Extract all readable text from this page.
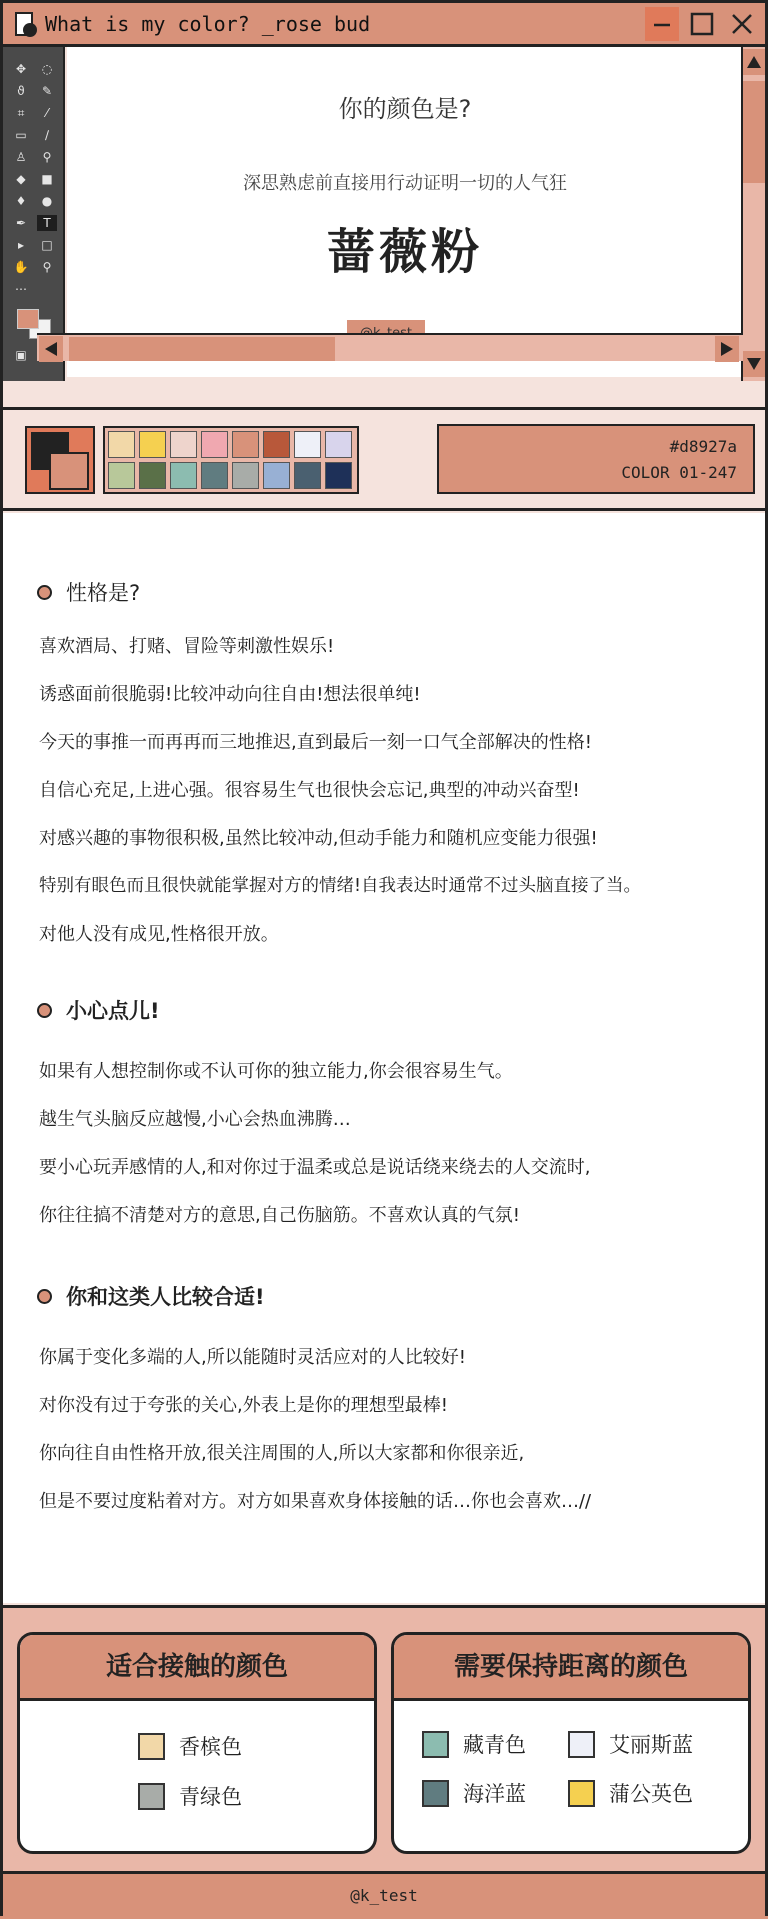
What is my color? _rose bud
✥	◌
ϑ	✎
⌗	⁄
▭	∕
♙	⚲
◆	■
♦	●
✒	T
▸	□
✋	⚲
⋯
▣
你的颜色是?
深思熟虑前直接用行动证明一切的人气狂
蔷薇粉
#d8927a
COLOR 01-247
性格是?
喜欢酒局、打赌、冒险等刺激性娱乐!
诱惑面前很脆弱!比较冲动向往自由!想法很单纯!
今天的事推一而再再而三地推迟,直到最后一刻一口气全部解决的性格!
自信心充足,上进心强。很容易生气也很快会忘记,典型的冲动兴奋型!
对感兴趣的事物很积极,虽然比较冲动,但动手能力和随机应变能力很强!
特别有眼色而且很快就能掌握对方的情绪!自我表达时通常不过头脑直接了当。
对他人没有成见,性格很开放。
小心点儿!
如果有人想控制你或不认可你的独立能力,你会很容易生气。
越生气头脑反应越慢,小心会热血沸腾…
要小心玩弄感情的人,和对你过于温柔或总是说话绕来绕去的人交流时,
你往往搞不清楚对方的意思,自己伤脑筋。不喜欢认真的气氛!
你和这类人比较合适!
你属于变化多端的人,所以能随时灵活应对的人比较好!
对你没有过于夸张的关心,外表上是你的理想型最棒!
你向往自由性格开放,很关注周围的人,所以大家都和你很亲近,
但是不要过度粘着对方。对方如果喜欢身体接触的话…你也会喜欢…//
适合接触的颜色
香槟色
青绿色
需要保持距离的颜色
藏青色	艾丽斯蓝
海洋蓝	蒲公英色
@k_test
